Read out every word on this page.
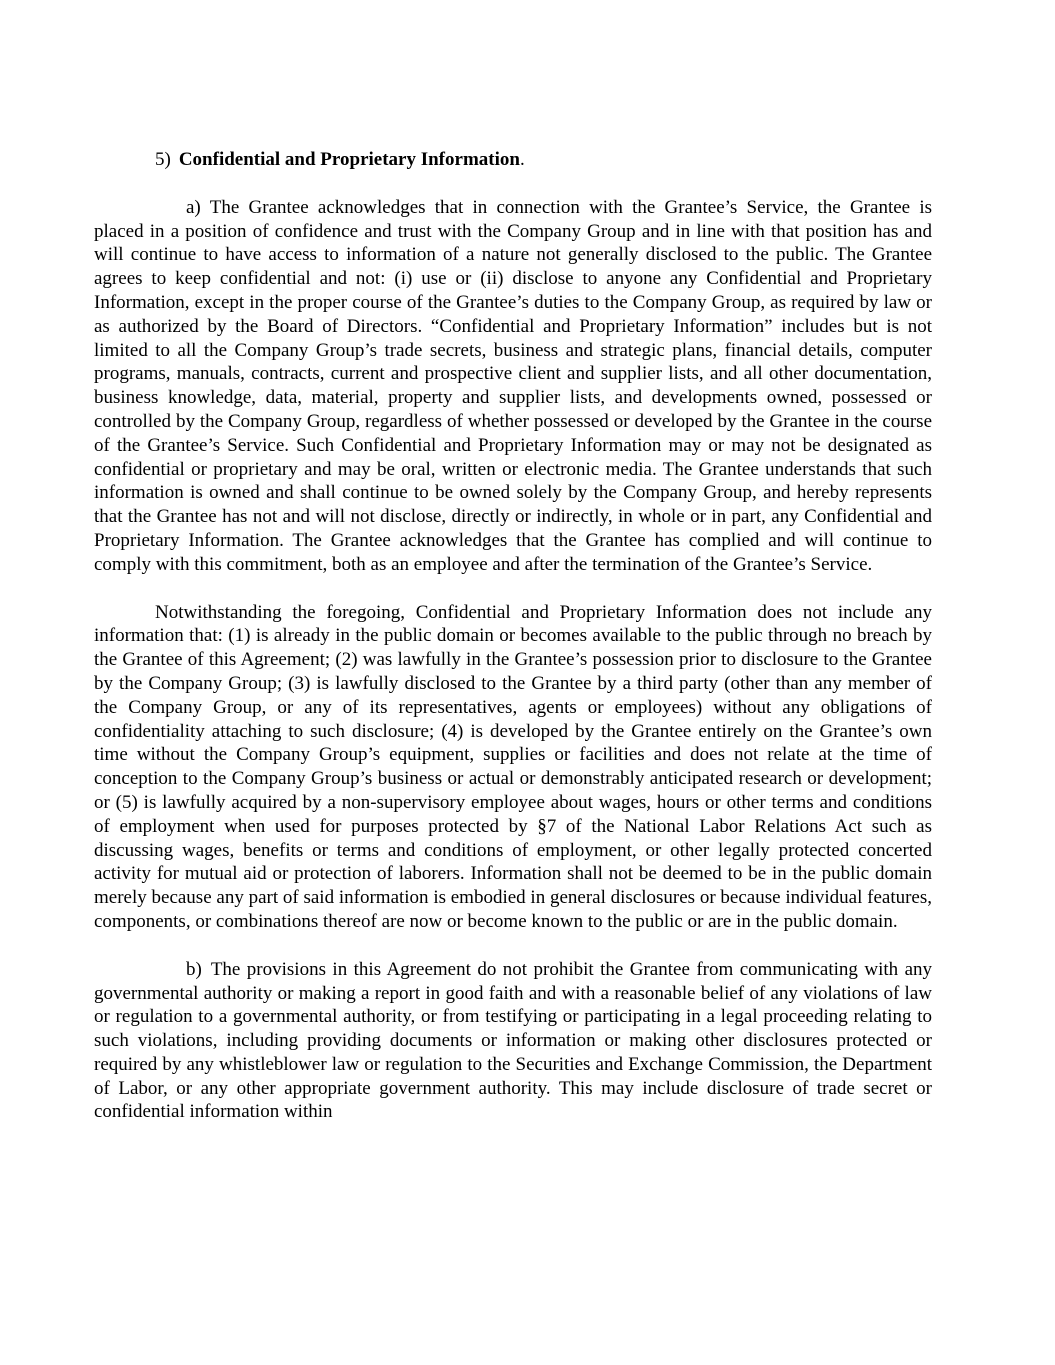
5) Confidential and Proprietary Information.

a) The Grantee acknowledges that in connection with the Grantee’s Service, the Grantee is placed in a position of confidence and trust with the Company Group and in line with that position has and will continue to have access to information of a nature not generally disclosed to the public. The Grantee agrees to keep confidential and not: (i) use or (ii) disclose to anyone any Confidential and Proprietary Information, except in the proper course of the Grantee’s duties to the Company Group, as required by law or as authorized by the Board of Directors. “Confidential and Proprietary Information” includes but is not limited to all the Company Group’s trade secrets, business and strategic plans, financial details, computer programs, manuals, contracts, current and prospective client and supplier lists, and all other documentation, business knowledge, data, material, property and supplier lists, and developments owned, possessed or controlled by the Company Group, regardless of whether possessed or developed by the Grantee in the course of the Grantee’s Service. Such Confidential and Proprietary Information may or may not be designated as confidential or proprietary and may be oral, written or electronic media. The Grantee understands that such information is owned and shall continue to be owned solely by the Company Group, and hereby represents that the Grantee has not and will not disclose, directly or indirectly, in whole or in part, any Confidential and Proprietary Information. The Grantee acknowledges that the Grantee has complied and will continue to comply with this commitment, both as an employee and after the termination of the Grantee’s Service.

Notwithstanding the foregoing, Confidential and Proprietary Information does not include any information that: (1) is already in the public domain or becomes available to the public through no breach by the Grantee of this Agreement; (2) was lawfully in the Grantee’s possession prior to disclosure to the Grantee by the Company Group; (3) is lawfully disclosed to the Grantee by a third party (other than any member of the Company Group, or any of its representatives, agents or employees) without any obligations of confidentiality attaching to such disclosure; (4) is developed by the Grantee entirely on the Grantee’s own time without the Company Group’s equipment, supplies or facilities and does not relate at the time of conception to the Company Group’s business or actual or demonstrably anticipated research or development; or (5) is lawfully acquired by a non-supervisory employee about wages, hours or other terms and conditions of employment when used for purposes protected by §7 of the National Labor Relations Act such as discussing wages, benefits or terms and conditions of employment, or other legally protected concerted activity for mutual aid or protection of laborers. Information shall not be deemed to be in the public domain merely because any part of said information is embodied in general disclosures or because individual features, components, or combinations thereof are now or become known to the public or are in the public domain.

b) The provisions in this Agreement do not prohibit the Grantee from communicating with any governmental authority or making a report in good faith and with a reasonable belief of any violations of law or regulation to a governmental authority, or from testifying or participating in a legal proceeding relating to such violations, including providing documents or information or making other disclosures protected or required by any whistleblower law or regulation to the Securities and Exchange Commission, the Department of Labor, or any other appropriate government authority. This may include disclosure of trade secret or confidential information within
